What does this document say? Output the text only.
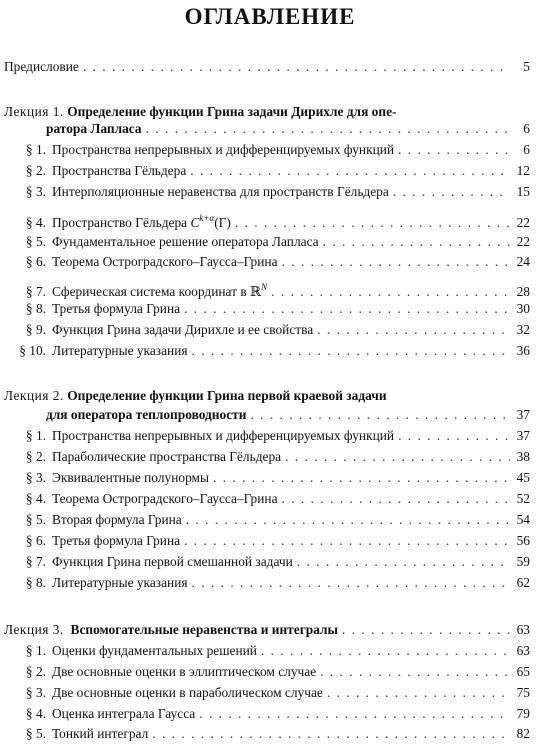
ОГЛАВЛЕНИЕ
Предисловие . . .	5
Лекция 1. Определение функции Грина задачи Дирихле для опе-
ратора Лапласа . . .	6
§ 1. Пространства непрерывных и дифференцируемых функций . . .	6
§ 2. Пространства Гёльдера . . .	12
§ 3. Интерполяционные неравенства для пространств Гёльдера . . .	15
§ 4. Пространство Гёльдера $C^{k+\alpha}(\Gamma)$ . . .	22
§ 5. Фундаментальное решение оператора Лапласа . . .	22
§ 6. Теорема Остроградского–Гаусса–Грина . . .	24
§ 7. Сферическая система координат в ℝ$^N$ . . .	28
§ 8. Третья формула Грина . . .	30
§ 9. Функция Грина задачи Дирихле и ее свойства . . .	32
§ 10. Литературные указания . . .	36
Лекция 2. Определение функции Грина первой краевой задачи
для оператора теплопроводности . . .	37
§ 1. Пространства непрерывных и дифференцируемых функций . . .	37
§ 2. Параболические пространства Гёльдера . . .	38
§ 3. Эквивалентные полунормы . . .	45
§ 4. Теорема Остроградского–Гаусса–Грина . . .	52
§ 5. Вторая формула Грина . . .	54
§ 6. Третья формула Грина . . .	56
§ 7. Функция Грина первой смешанной задачи . . .	59
§ 8. Литературные указания . . .	62
Лекция 3. Вспомогательные неравенства и интегралы . . .	63
§ 1. Оценки фундаментальных решений . . .	63
§ 2. Две основные оценки в эллиптическом случае . . .	65
§ 3. Две основные оценки в параболическом случае . . .	75
§ 4. Оценка интеграла Гаусса . . .	79
§ 5. Тонкий интеграл . . .	82
